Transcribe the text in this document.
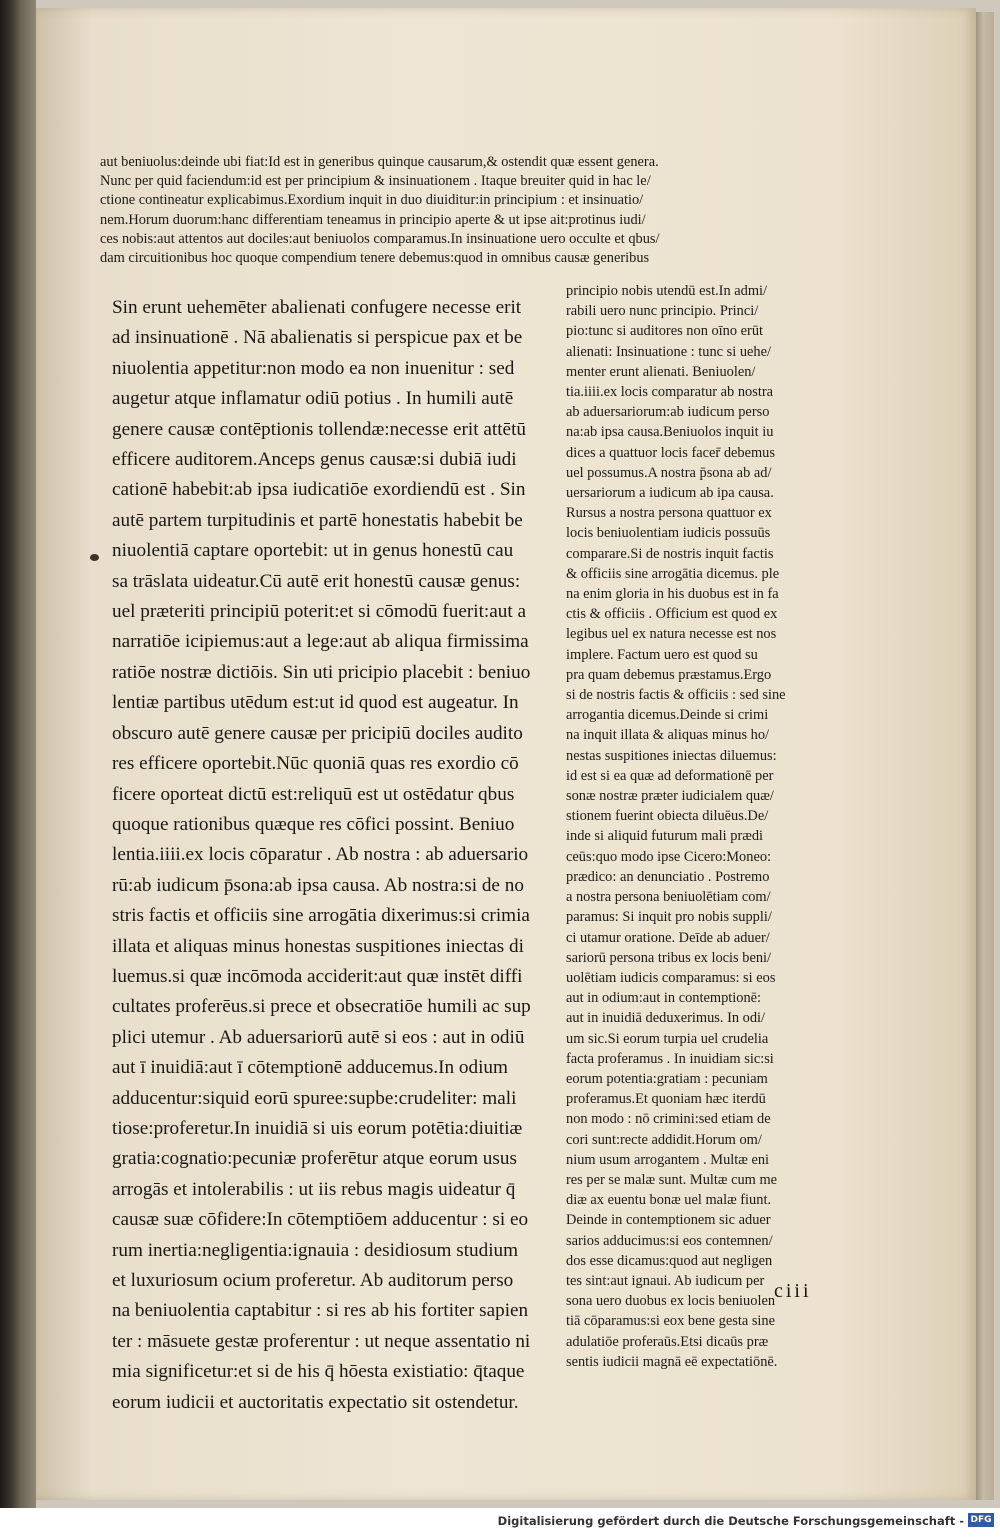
aut beniuolus:deinde ubi fiat:Id est in generibus quinque causarum,& ostendit quæ essent genera.
Nunc per quid faciendum:id est per principium & insinuationem . Itaque breuiter quid in hac le/
ctione contineatur explicabimus.Exordium inquit in duo diuiditur:in principium : et insinuatio/
nem.Horum duorum:hanc differentiam teneamus in principio aperte & ut ipse ait:protinus iudi/
ces nobis:aut attentos aut dociles:aut beniuolos comparamus.In insinuatione uero occulte et qbus/
dam circuitionibus hoc quoque compendium tenere debemus:quod in omnibus causæ generibus
Sin erunt uehemēter abalienati confugere necesse erit
ad insinuationē . Nā abalienatis si perspicue pax et be
niuolentia appetitur:non modo ea non inuenitur : sed
augetur atque inflamatur odiū potius . In humili autē
genere causæ contēptionis tollendæ:necesse erit attētū
efficere auditorem.Anceps genus causæ:si dubiā iudi
cationē habebit:ab ipsa iudicatiōe exordiendū est . Sin
autē partem turpitudinis et partē honestatis habebit be
niuolentiā captare oportebit: ut in genus honestū cau
sa trāslata uideatur.Cū autē erit honestū causæ genus:
uel præteriti principiū poterit:et si cōmodū fuerit:aut a
narratiōe icipiemus:aut a lege:aut ab aliqua firmissima
ratiōe nostræ dictiōis. Sin uti pricipio placebit : beniuo
lentiæ partibus utēdum est:ut id quod est augeatur. In
obscuro autē genere causæ per pricipiū dociles audito
res efficere oportebit.Nūc quoniā quas res exordio cō
ficere oporteat dictū est:reliquū est ut ostēdatur qbus
quoque rationibus quæque res cōfici possint. Beniuo
lentia.iiii.ex locis cōparatur . Ab nostra : ab aduersario
rū:ab iudicum p̄sona:ab ipsa causa. Ab nostra:si de no
stris factis et officiis sine arrogātia dixerimus:si crimia
illata et aliquas minus honestas suspitiones iniectas di
luemus.si quæ incōmoda acciderit:aut quæ instēt diffi
cultates proferēus.si prece et obsecratiōe humili ac sup
plici utemur . Ab aduersariorū autē si eos : aut in odiū
aut ī inuidiā:aut ī cōtemptionē adducemus.In odium
adducentur:siquid eorū spuree:supbe:crudeliter: mali
tiose:proferetur.In inuidiā si uis eorum potētia:diuitiæ
gratia:cognatio:pecuniæ proferētur atque eorum usus
arrogās et intolerabilis : ut iis rebus magis uideatur q̄
causæ suæ cōfidere:In cōtemptiōem adducentur : si eo
rum inertia:negligentia:ignauia : desidiosum studium
et luxuriosum ocium proferetur. Ab auditorum perso
na beniuolentia captabitur : si res ab his fortiter sapien
ter : māsuete gestæ proferentur : ut neque assentatio ni
mia significetur:et si de his q̄ hōesta existiatio: q̄taque
eorum iudicii et auctoritatis expectatio sit ostendetur.
principio nobis utendū est.In admi/
rabili uero nunc principio. Princi/
pio:tunc si auditores non oīno erūt
alienati: Insinuatione : tunc si uehe/
menter erunt alienati. Beniuolen/
tia.iiii.ex locis comparatur ab nostra
ab aduersariorum:ab iudicum perso
na:ab ipsa causa.Beniuolos inquit iu
dices a quattuor locis facer̄ debemus
uel possumus.A nostra p̄sona ab ad/
uersariorum a iudicum ab ipa causa.
Rursus a nostra persona quattuor ex
locis beniuolentiam iudicis possuūs
comparare.Si de nostris inquit factis
& officiis sine arrogātia dicemus. ple
na enim gloria in his duobus est in fa
ctis & officiis . Officium est quod ex
legibus uel ex natura necesse est nos
implere. Factum uero est quod su
pra quam debemus præstamus.Ergo
si de nostris factis & officiis : sed sine
arrogantia dicemus.Deinde si crimi
na inquit illata & aliquas minus ho/
nestas suspitiones iniectas diluemus:
id est si ea quæ ad deformationē per
sonæ nostræ præter iudicialem quæ/
stionem fuerint obiecta diluēus.De/
inde si aliquid futurum mali prædi
ceūs:quo modo ipse Cicero:Moneo:
prædico: an denunciatio . Postremo
a nostra persona beniuolētiam com/
paramus: Si inquit pro nobis suppli/
ci utamur oratione. Deīde ab aduer/
sariorū persona tribus ex locis beni/
uolētiam iudicis comparamus: si eos
aut in odium:aut in contemptionē:
aut in inuidiā deduxerimus. In odi/
um sic.Si eorum turpia uel crudelia
facta proferamus . In inuidiam sic:si
eorum potentia:gratiam : pecuniam
proferamus.Et quoniam hæc iterdū
non modo : nō crimini:sed etiam de
cori sunt:recte addidit.Horum om/
nium usum arrogantem . Multæ eni
res per se malæ sunt. Multæ cum me
diæ ax euentu bonæ uel malæ fiunt.
Deinde in contemptionem sic aduer
sarios adducimus:si eos contemnen/
dos esse dicamus:quod aut negligen
tes sint:aut ignaui. Ab iudicum per
sona uero duobus ex locis beniuolen
tiā cōparamus:si eox bene gesta sine
adulatiōe proferaūs.Etsi dicaūs præ
sentis iudicii magnā eē expectatiōnē.
ciii
Digitalisierung gefördert durch die Deutsche Forschungsgemeinschaft - DFG
